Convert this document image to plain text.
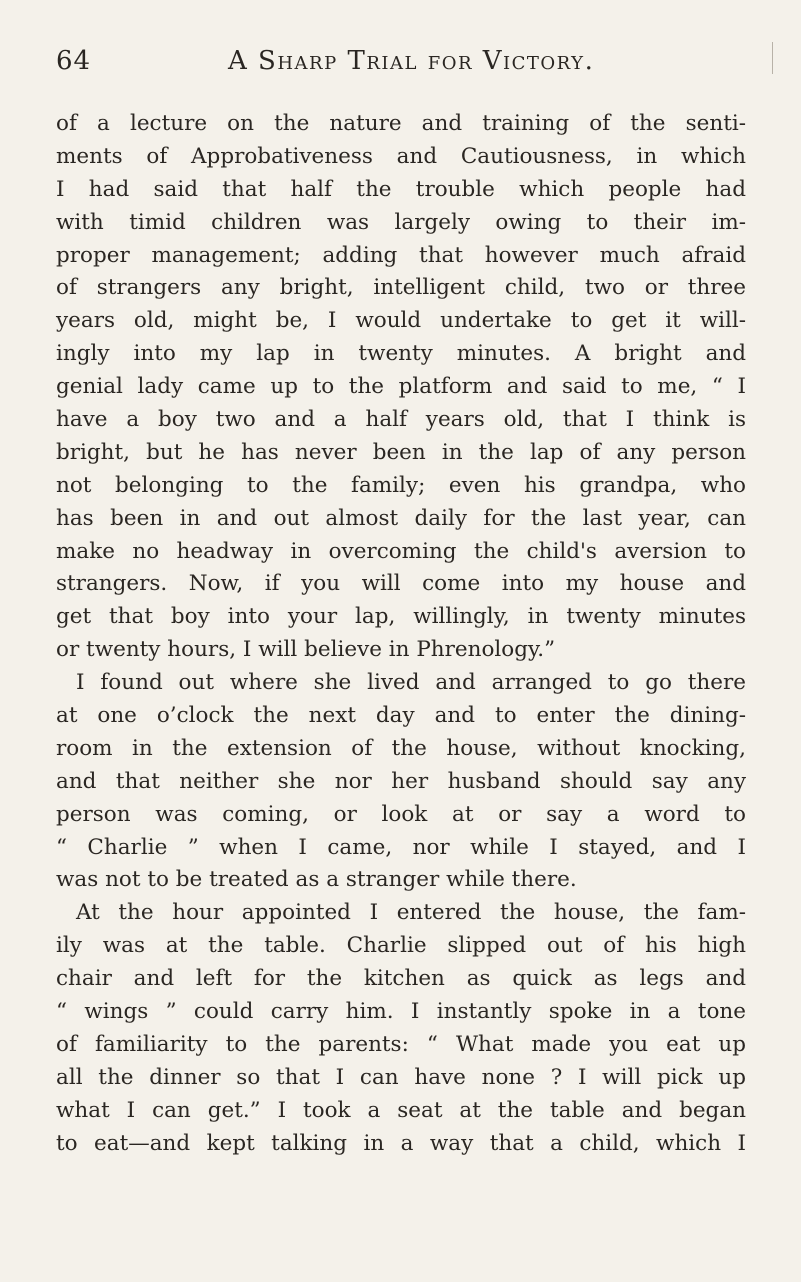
64	A Sharp Trial for Victory.
of a lecture on the nature and training of the senti-
ments of Approbativeness and Cautiousness, in which
I had said that half the trouble which people had
with timid children was largely owing to their im-
proper management; adding that however much afraid
of strangers any bright, intelligent child, two or three
years old, might be, I would undertake to get it will-
ingly into my lap in twenty minutes. A bright and
genial lady came up to the platform and said to me, “ I
have a boy two and a half years old, that I think is
bright, but he has never been in the lap of any person
not belonging to the family; even his grandpa, who
has been in and out almost daily for the last year, can
make no headway in overcoming the child's aversion to
strangers. Now, if you will come into my house and
get that boy into your lap, willingly, in twenty minutes
or twenty hours, I will believe in Phrenology.”
I found out where she lived and arranged to go there
at one o’clock the next day and to enter the dining-
room in the extension of the house, without knocking,
and that neither she nor her husband should say any
person was coming, or look at or say a word to
“ Charlie ” when I came, nor while I stayed, and I
was not to be treated as a stranger while there.
At the hour appointed I entered the house, the fam-
ily was at the table. Charlie slipped out of his high
chair and left for the kitchen as quick as legs and
“ wings ” could carry him. I instantly spoke in a tone
of familiarity to the parents: “ What made you eat up
all the dinner so that I can have none ? I will pick up
what I can get.” I took a seat at the table and began
to eat—and kept talking in a way that a child, which I
